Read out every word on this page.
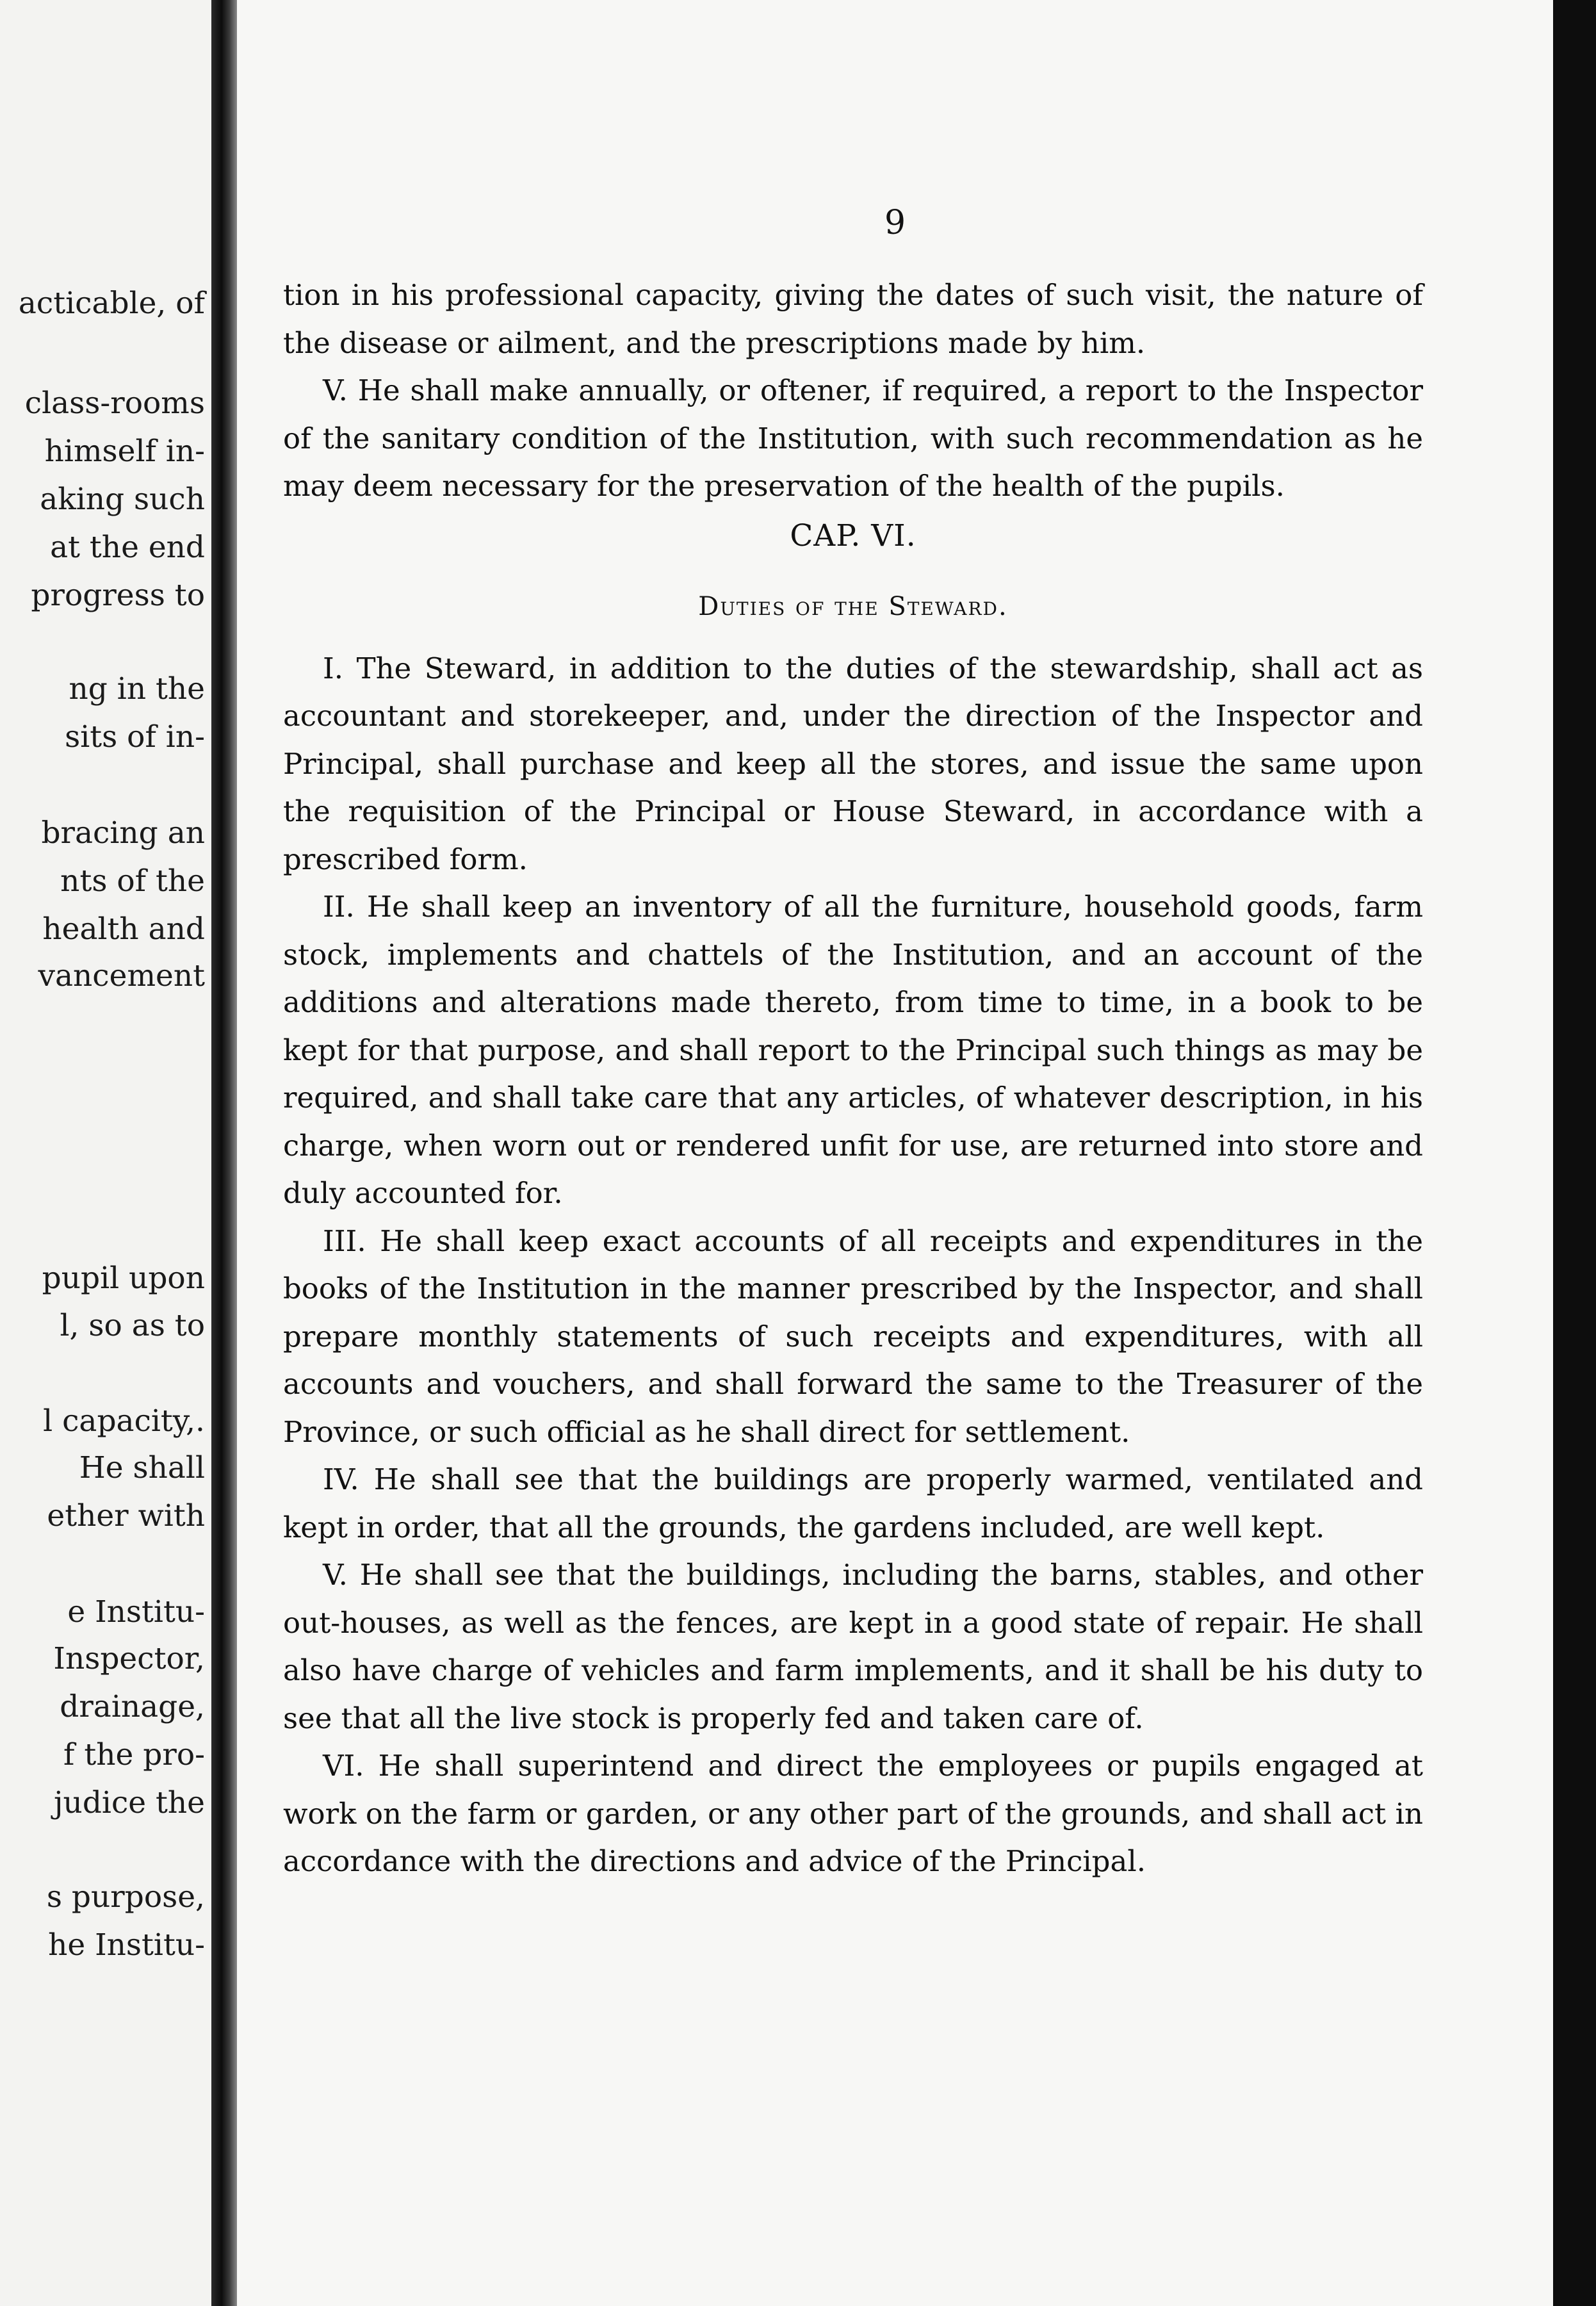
acticable, of
class-rooms
himself in-
aking such
at the end
progress to
ng in the
sits of in-
bracing an
nts of the
health and
vancement
pupil upon
l, so as to
l capacity,.
He shall
ether with
e Institu-
Inspector,
drainage,
f the pro-
judice the
s purpose,
he Institu-

9

tion in his professional capacity, giving the dates of such visit, the nature of the disease or ailment, and the prescriptions made by him.

V. He shall make annually, or oftener, if required, a report to the Inspector of the sanitary condition of the Institution, with such recommendation as he may deem necessary for the preservation of the health of the pupils.

CAP. VI.
Duties of the Steward.

I. The Steward, in addition to the duties of the stewardship, shall act as accountant and storekeeper, and, under the direction of the Inspector and Principal, shall purchase and keep all the stores, and issue the same upon the requisition of the Principal or House Steward, in accordance with a prescribed form.

II. He shall keep an inventory of all the furniture, household goods, farm stock, implements and chattels of the Institution, and an account of the additions and alterations made thereto, from time to time, in a book to be kept for that purpose, and shall report to the Principal such things as may be required, and shall take care that any articles, of whatever description, in his charge, when worn out or rendered unfit for use, are returned into store and duly accounted for.

III. He shall keep exact accounts of all receipts and expenditures in the books of the Institution in the manner prescribed by the Inspector, and shall prepare monthly statements of such receipts and expenditures, with all accounts and vouchers, and shall forward the same to the Treasurer of the Province, or such official as he shall direct for settlement.

IV. He shall see that the buildings are properly warmed, ventilated and kept in order, that all the grounds, the gardens included, are well kept.

V. He shall see that the buildings, including the barns, stables, and other out-houses, as well as the fences, are kept in a good state of repair. He shall also have charge of vehicles and farm implements, and it shall be his duty to see that all the live stock is properly fed and taken care of.

VI. He shall superintend and direct the employees or pupils engaged at work on the farm or garden, or any other part of the grounds, and shall act in accordance with the directions and advice of the Principal.
